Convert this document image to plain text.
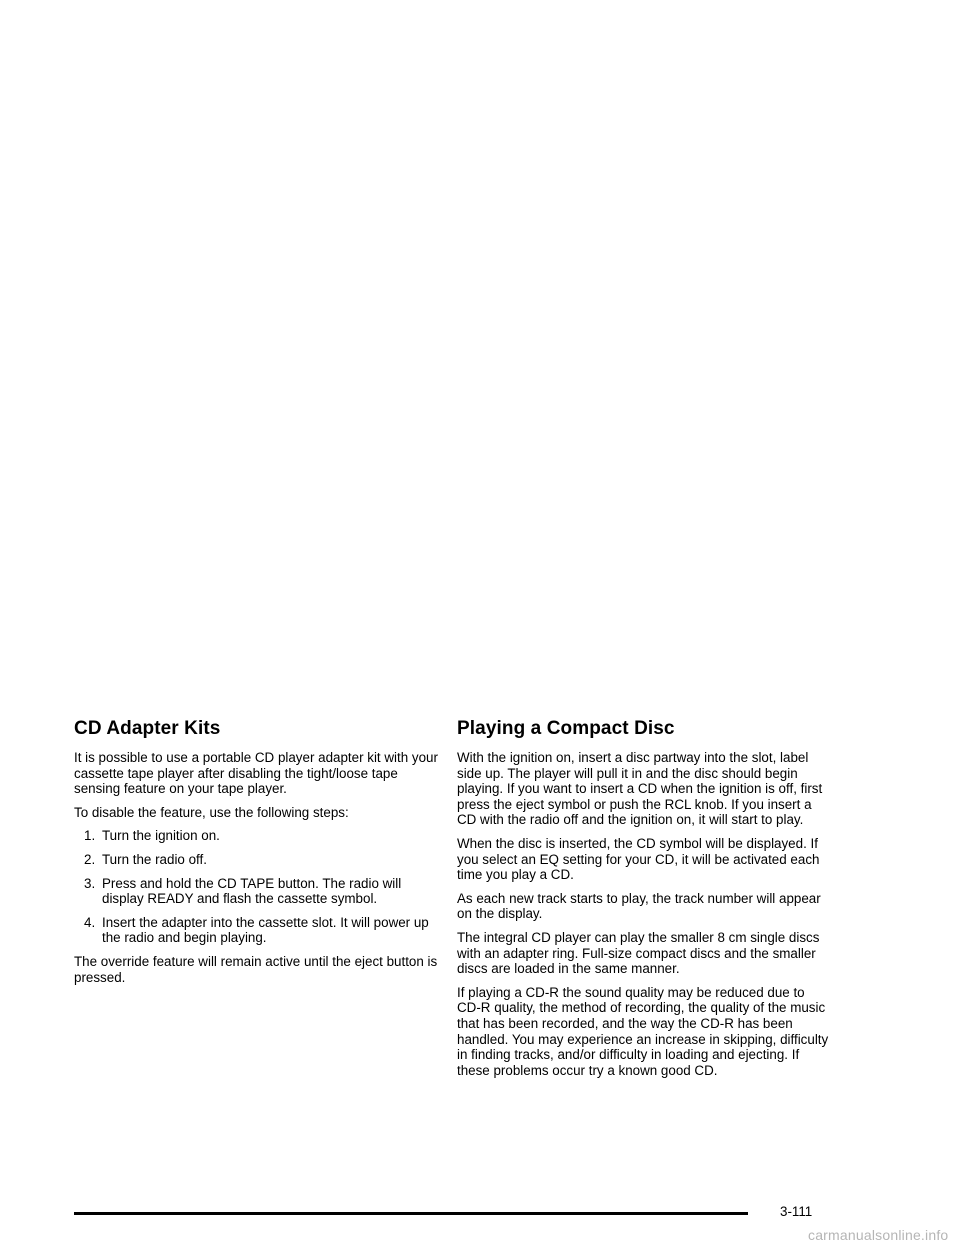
CD Adapter Kits

It is possible to use a portable CD player adapter kit with your cassette tape player after disabling the tight/loose tape sensing feature on your tape player.

To disable the feature, use the following steps:

1. Turn the ignition on.
2. Turn the radio off.
3. Press and hold the CD TAPE button. The radio will display READY and flash the cassette symbol.
4. Insert the adapter into the cassette slot. It will power up the radio and begin playing.

The override feature will remain active until the eject button is pressed.

Playing a Compact Disc

With the ignition on, insert a disc partway into the slot, label side up. The player will pull it in and the disc should begin playing. If you want to insert a CD when the ignition is off, first press the eject symbol or push the RCL knob. If you insert a CD with the radio off and the ignition on, it will start to play.

When the disc is inserted, the CD symbol will be displayed. If you select an EQ setting for your CD, it will be activated each time you play a CD.

As each new track starts to play, the track number will appear on the display.

The integral CD player can play the smaller 8 cm single discs with an adapter ring. Full-size compact discs and the smaller discs are loaded in the same manner.

If playing a CD-R the sound quality may be reduced due to CD-R quality, the method of recording, the quality of the music that has been recorded, and the way the CD-R has been handled. You may experience an increase in skipping, difficulty in finding tracks, and/or difficulty in loading and ejecting. If these problems occur try a known good CD.

3-111
carmanualsonline.info
